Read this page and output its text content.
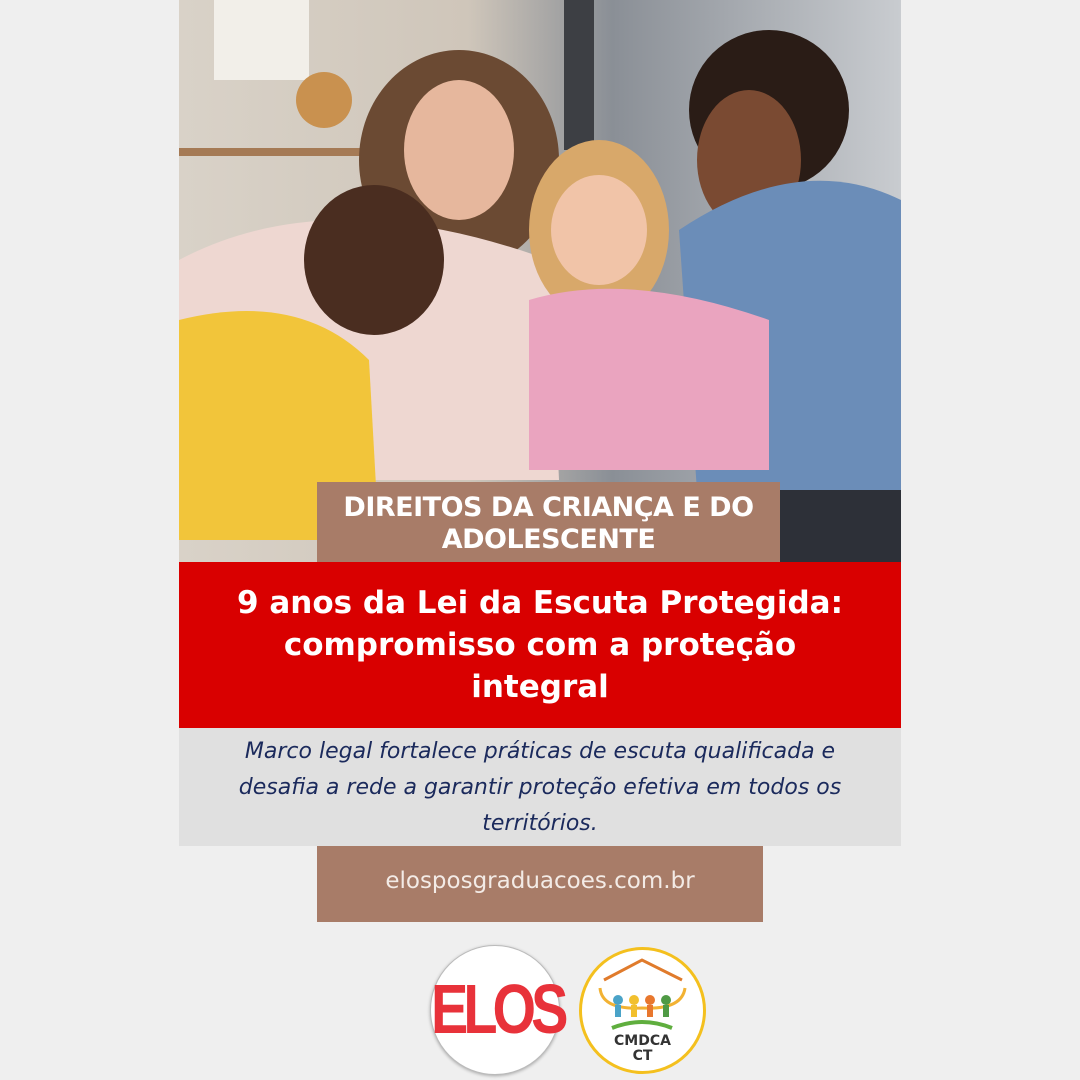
DIREITOS DA CRIANÇA E DO
ADOLESCENTE
9 anos da Lei da Escuta Protegida:
compromisso com a proteção
integral
Marco legal fortalece práticas de escuta qualificada e
desafia a rede a garantir proteção efetiva em todos os
territórios.
elosposgraduacoes.com.br
ELOS	CMDCA
CT
